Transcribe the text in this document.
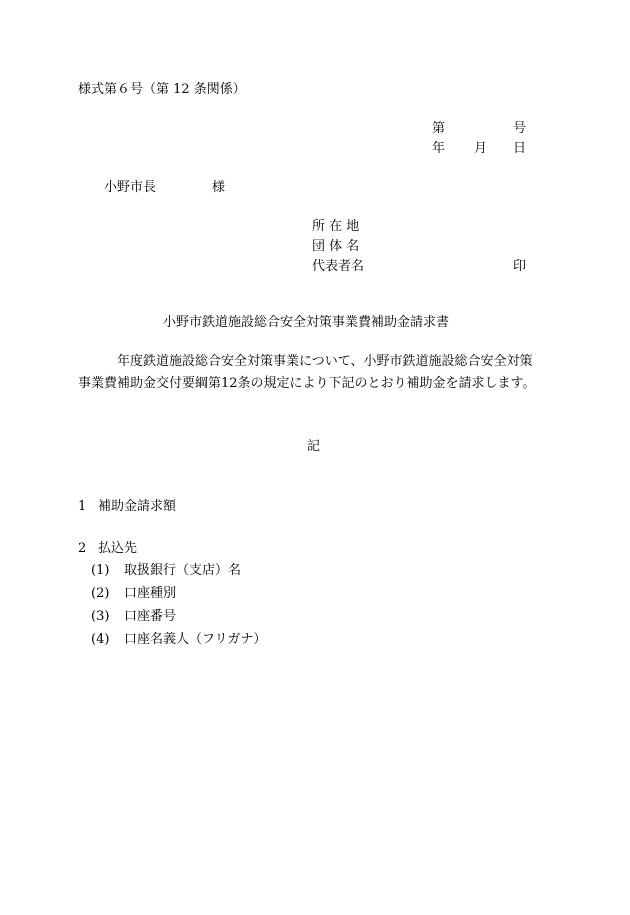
様式第６号（第 12 条関係）
第	号
年 月 日
小野市長	様
所 在 地
団 体 名
代表者名	印
小野市鉄道施設総合安全対策事業費補助金請求書
年度鉄道施設総合安全対策事業について、小野市鉄道施設総合安全対策
事業費補助金交付要綱第12条の規定により下記のとおり補助金を請求します。
記
1 補助金請求額
2 払込先
(1) 取扱銀行（支店）名
(2) 口座種別
(3) 口座番号
(4) 口座名義人（フリガナ）
